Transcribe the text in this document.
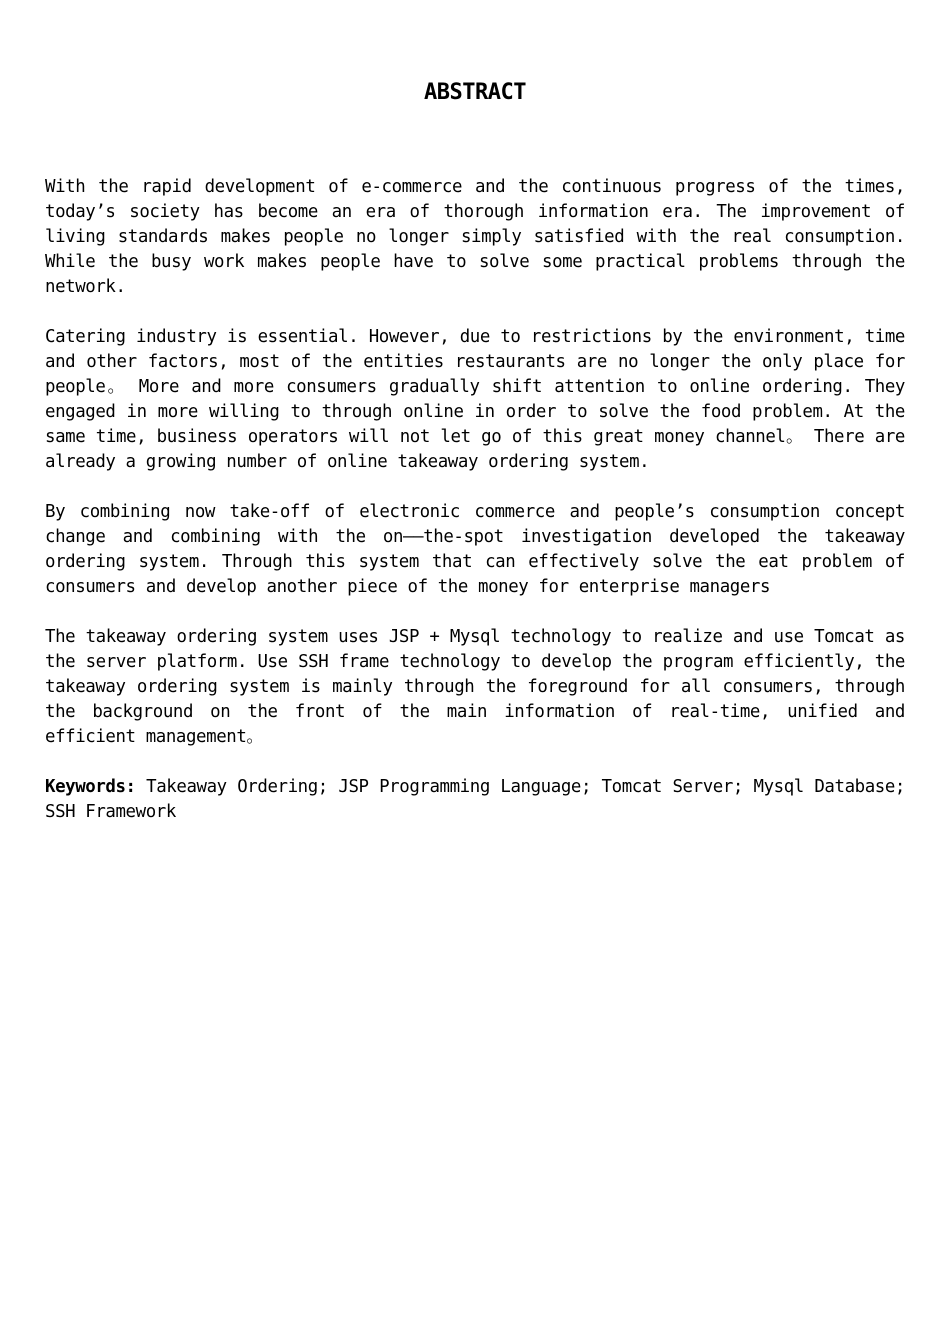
ABSTRACT

With the rapid development of e-commerce and the continuous progress of the times, today’s society has become an era of thorough information era. The improvement of living standards makes people no longer simply satisfied with the real consumption. While the busy work makes people have to solve some practical problems through the network.

Catering industry is essential. However, due to restrictions by the environment, time and other factors, most of the entities restaurants are no longer the only place for people。 More and more consumers gradually shift attention to online ordering. They engaged in more willing to through online in order to solve the food problem. At the same time, business operators will not let go of this great money channel。 There are already a growing number of online takeaway ordering system.

By combining now take-off of electronic commerce and people’s consumption concept change and combining with the on——the-spot investigation developed the takeaway ordering system. Through this system that can effectively solve the eat problem of consumers and develop another piece of the money for enterprise managers

The takeaway ordering system uses JSP + Mysql technology to realize and use Tomcat as the server platform. Use SSH frame technology to develop the program efficiently, the takeaway ordering system is mainly through the foreground for all consumers, through the background on the front of the main information of real-time, unified and efficient management。

Keywords: Takeaway Ordering; JSP Programming Language; Tomcat Server; Mysql Database; SSH Framework
